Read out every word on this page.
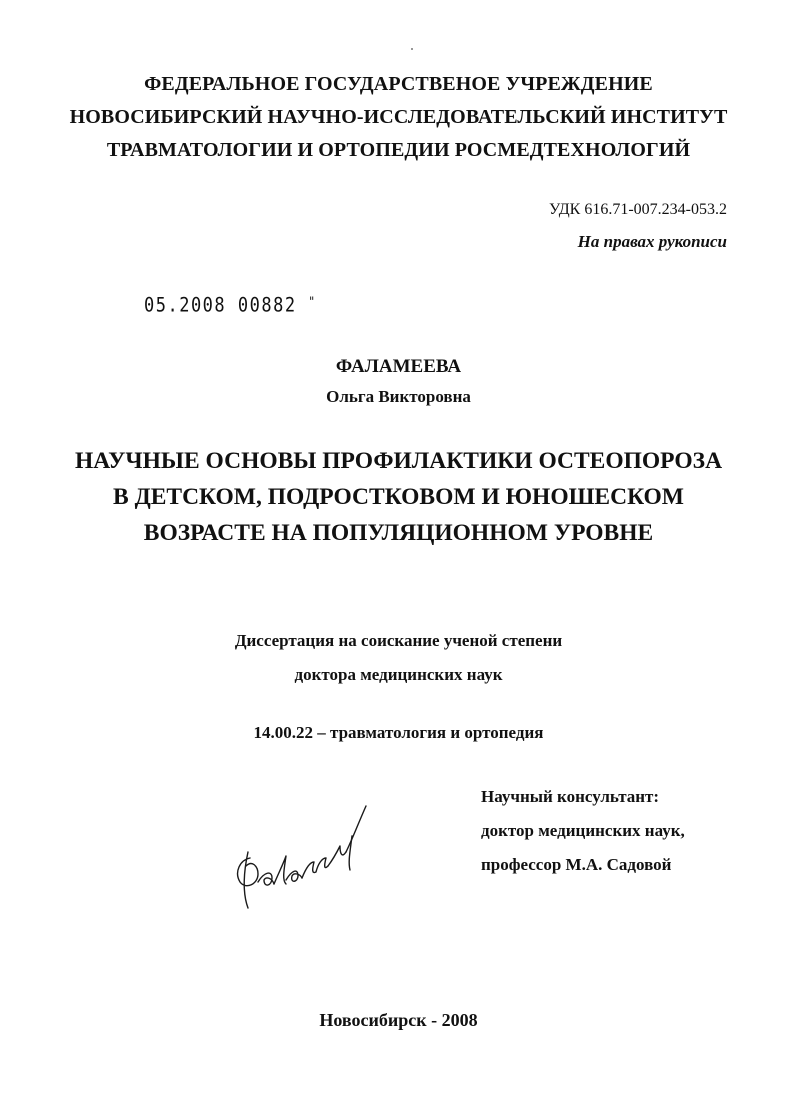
ФЕДЕРАЛЬНОЕ ГОСУДАРСТВЕНОЕ УЧРЕЖДЕНИЕ
НОВОСИБИРСКИЙ НАУЧНО-ИССЛЕДОВАТЕЛЬСКИЙ ИНСТИТУТ
ТРАВМАТОЛОГИИ И ОРТОПЕДИИ РОСМЕДТЕХНОЛОГИЙ
УДК 616.71-007.234-053.2
На правах рукописи
05.2008 00882 "
ФАЛАМЕЕВА
Ольга Викторовна
НАУЧНЫЕ ОСНОВЫ ПРОФИЛАКТИКИ ОСТЕОПОРОЗА
В ДЕТСКОМ, ПОДРОСТКОВОМ И ЮНОШЕСКОМ
ВОЗРАСТЕ НА ПОПУЛЯЦИОННОМ УРОВНЕ
Диссертация на соискание ученой степени
доктора медицинских наук
14.00.22 – травматология и ортопедия
Научный консультант:
доктор медицинских наук,
профессор М.А. Садовой
Новосибирск - 2008
